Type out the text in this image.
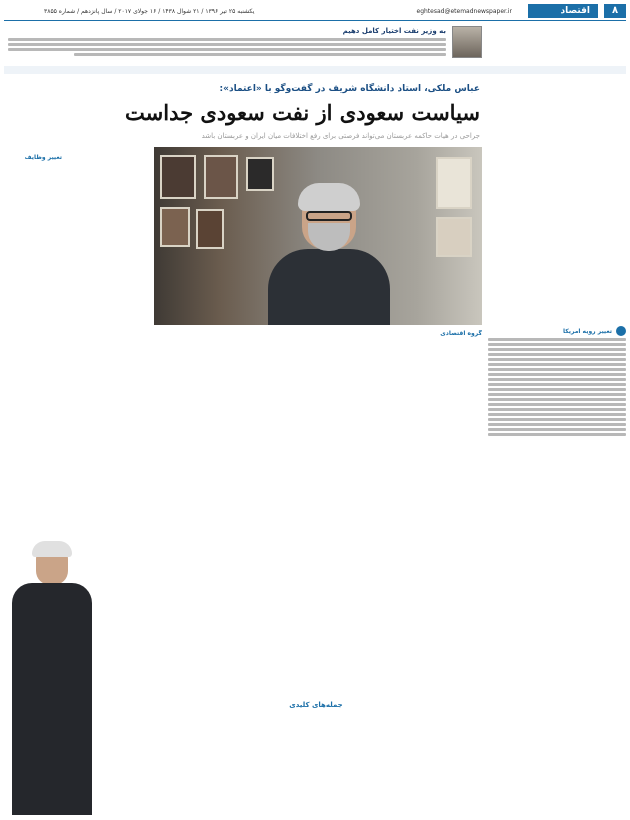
۸
اقتصاد
eghtesad@etemadnewspaper.ir
یکشنبه ۲۵ تیر ۱۳۹۶ / ۲۱ شوال ۱۴۳۸ / ۱۶ جولای ۲۰۱۷ / سال پانزدهم / شماره ۳۸۵۵
به وزیر نفت اختیار کامل دهیم
عباس ملکی، استاد دانشگاه شریف در گفت‌وگو با «اعتماد»:
سیاست سعودی از نفت سعودی جداست
جراحی در هیات حاکمه عربستان می‌تواند فرصتی برای رفع اختلافات میان ایران و عربستان باشد
تغییر رویه امریکا
گروه اقتصادی
جمله‌های کلیدی
تغییر وظایف
